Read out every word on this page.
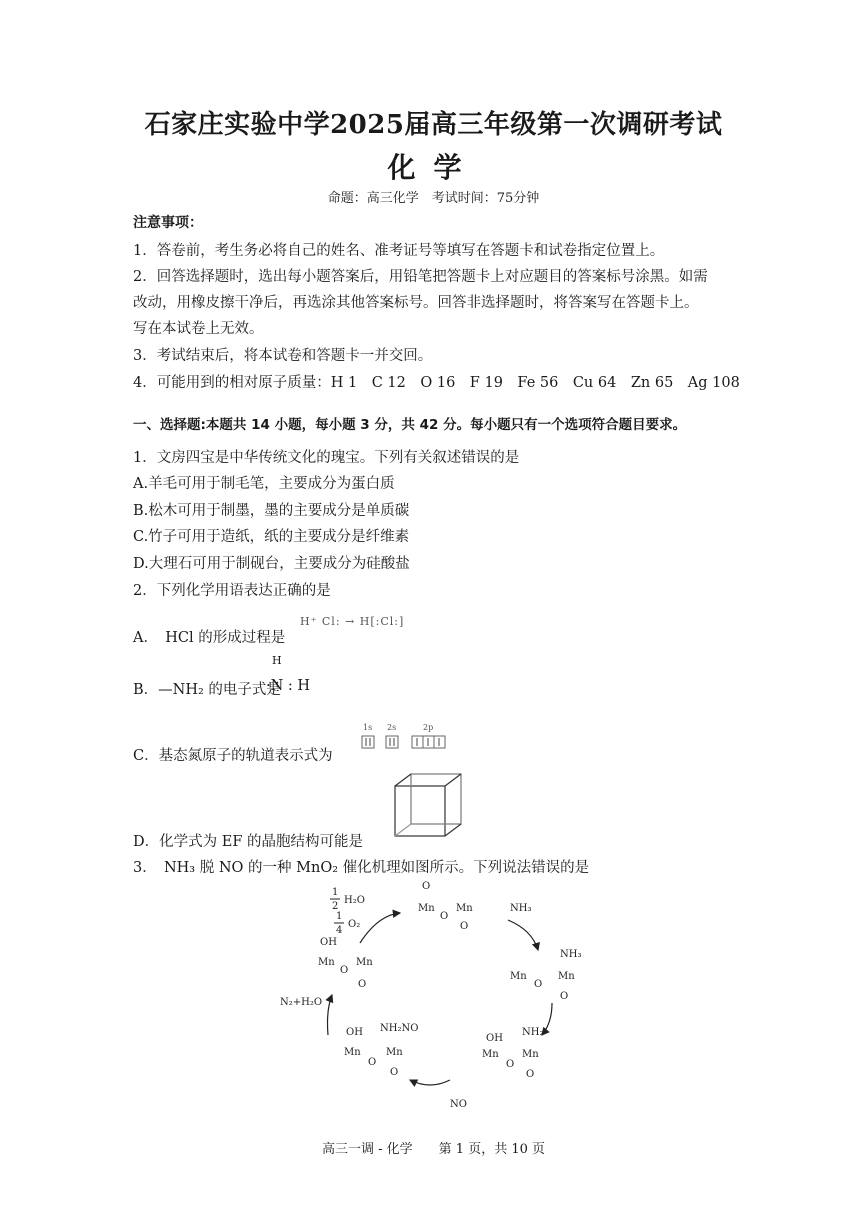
石家庄实验中学2025届高三年级第一次调研考试
化学
命题：高三化学　考试时间：75分钟
注意事项：
1．答卷前，考生务必将自己的姓名、准考证号等填写在答题卡和试卷指定位置上。
2．回答选择题时，选出每小题答案后，用铅笔把答题卡上对应题目的答案标号涂黑。如需
改动，用橡皮擦干净后，再选涂其他答案标号。回答非选择题时，将答案写在答题卡上。
写在本试卷上无效。
3．考试结束后，将本试卷和答题卡一并交回。
4．可能用到的相对原子质量：H 1　C 12　O 16　F 19　Fe 56　Cu 64　Zn 65　Ag 108
一、选择题:本题共 14 小题，每小题 3 分，共 42 分。每小题只有一个选项符合题目要求。
1．文房四宝是中华传统文化的瑰宝。下列有关叙述错误的是
A.羊毛可用于制毛笔，主要成分为蛋白质
B.松木可用于制墨，墨的主要成分是单质碳
C.竹子可用于造纸，纸的主要成分是纤维素
D.大理石可用于制砚台，主要成分为硅酸盐
2．下列化学用语表达正确的是
A．　HCl 的形成过程是
H⁺ Cl: → H[:Cl:]
B．—NH₂ 的电子式是
H
·N : H
C．基态氮原子的轨道表示式为
1s 2s	2p
D．化学式为 EF 的晶胞结构可能是
3．　NH₃ 脱 NO 的一种 MnO₂ 催化机理如图所示。下列说法错误的是
1
2
H₂O
1
4
O₂
O
Mn
O
Mn
O
NH₃
OH
Mn
O
Mn
O
NH₃
Mn
O
Mn
O
N₂+H₂O
OH NH₂NO
Mn
O
Mn
O
OH
NH₂
Mn
O
Mn
O
NO
高三一调 - 化学　　第 1 页，共 10 页
